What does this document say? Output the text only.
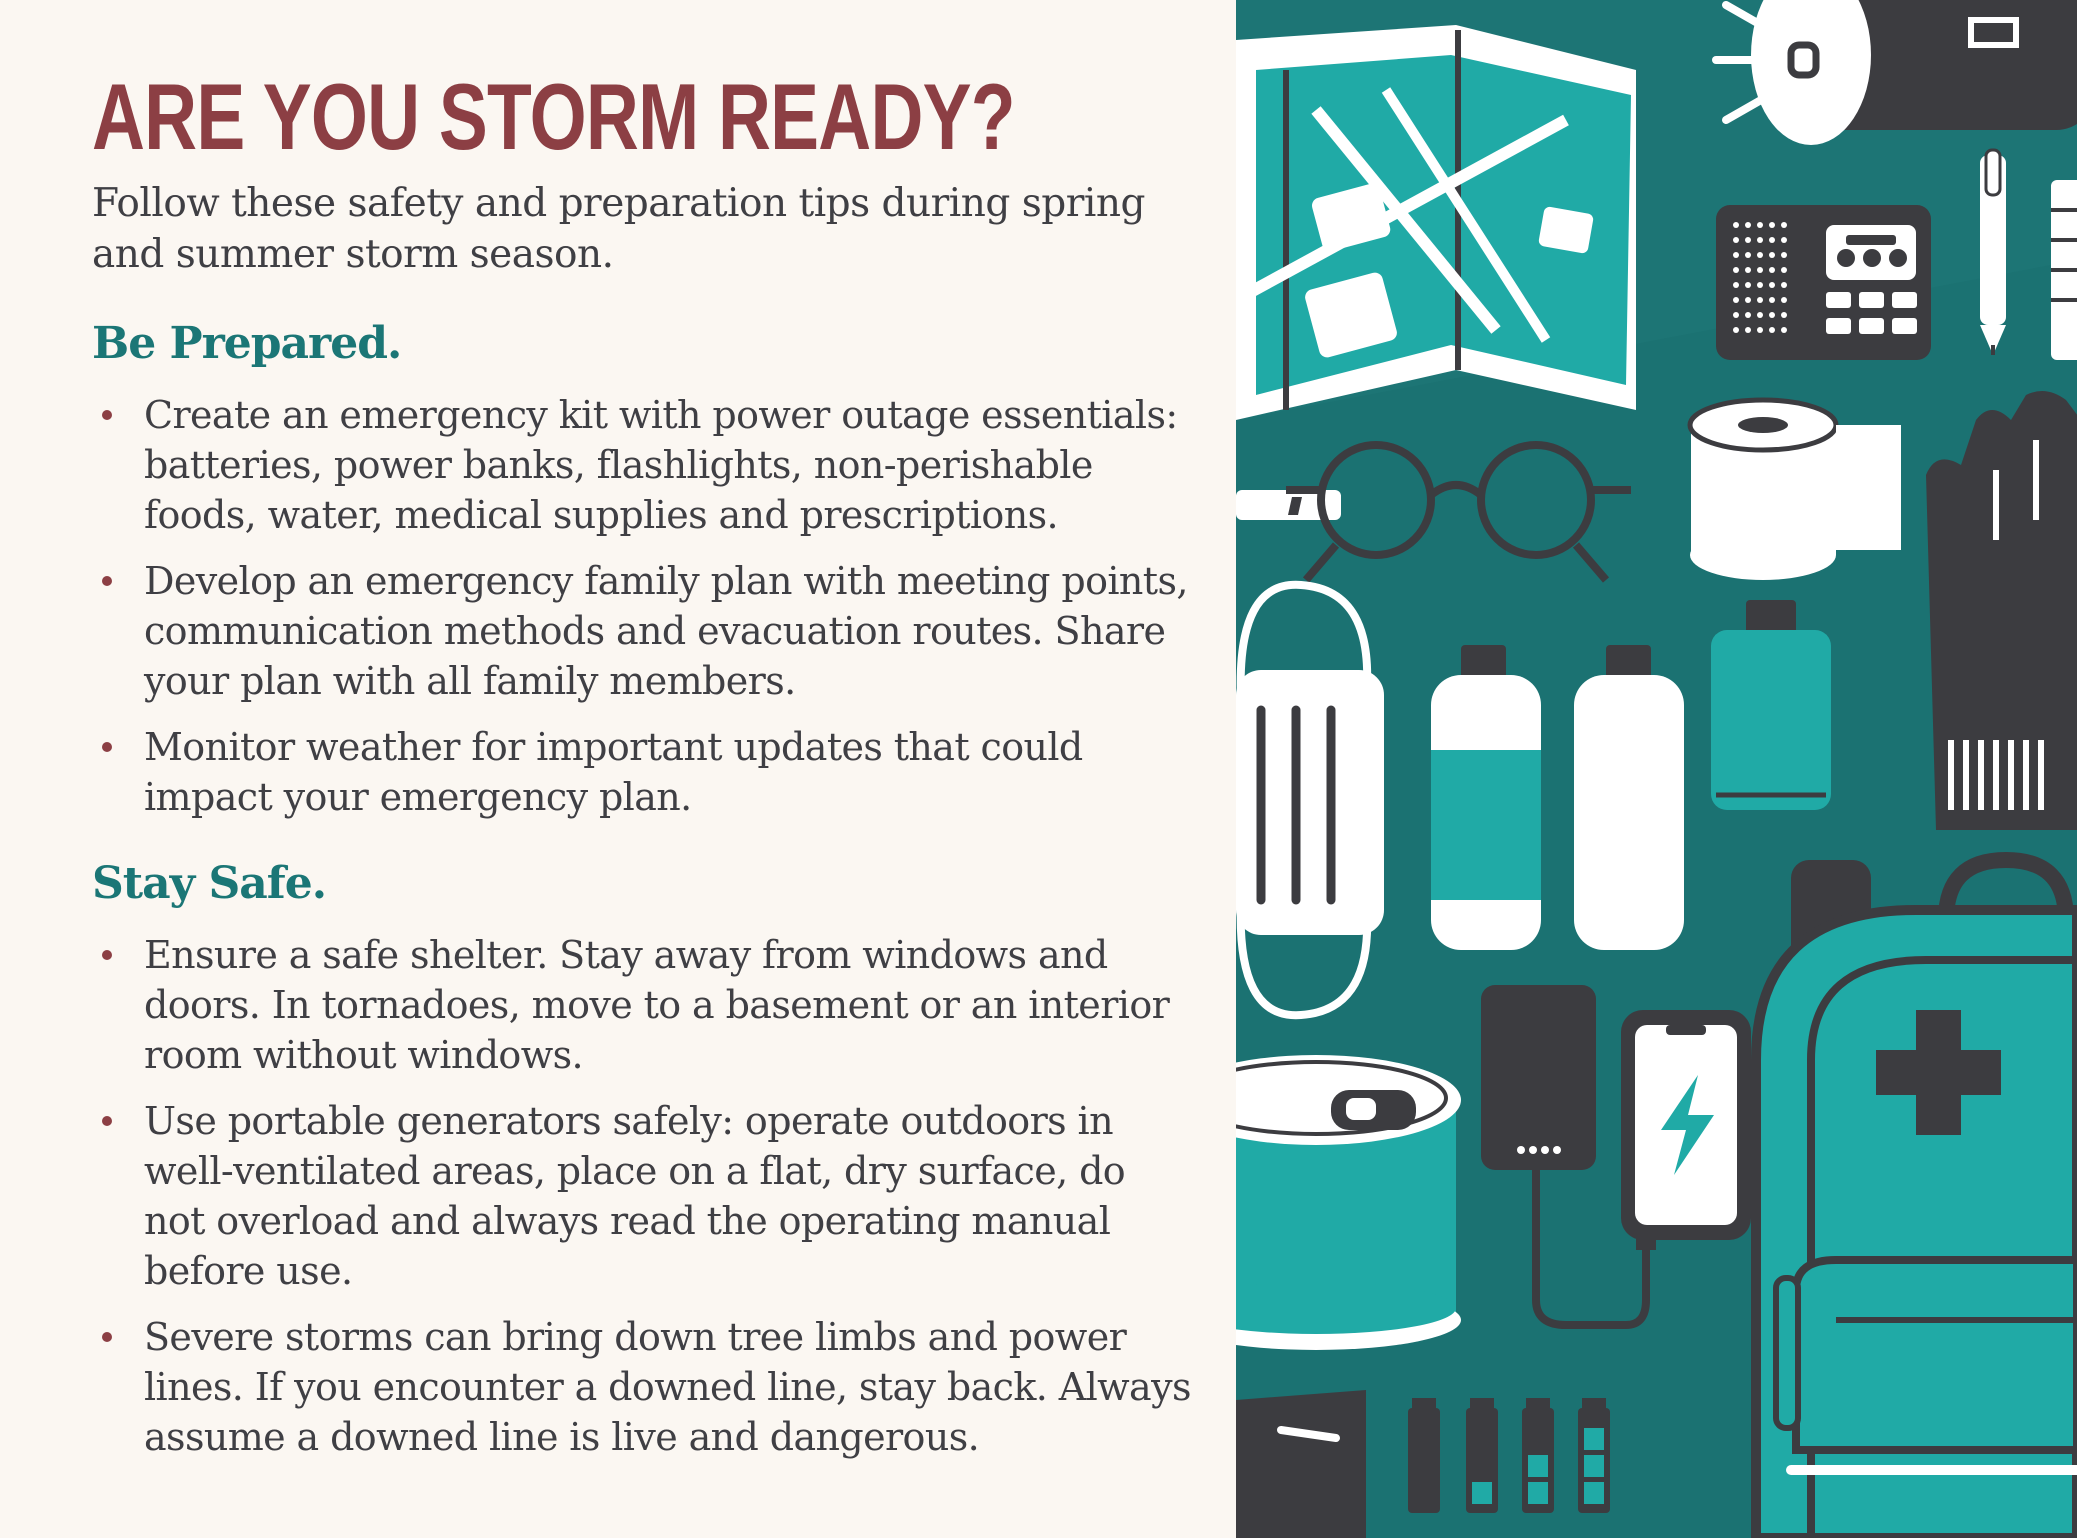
ARE YOU STORM READY?

Follow these safety and preparation tips during spring and summer storm season.

Be Prepared.
Create an emergency kit with power outage essentials: batteries, power banks, flashlights, non-perishable foods, water, medical supplies and prescriptions.
Develop an emergency family plan with meeting points, communication methods and evacuation routes. Share your plan with all family members.
Monitor weather for important updates that could impact your emergency plan.
Stay Safe.
Ensure a safe shelter. Stay away from windows and doors. In tornadoes, move to a basement or an interior room without windows.
Use portable generators safely: operate outdoors in well-ventilated areas, place on a flat, dry surface, do not overload and always read the operating manual before use.
Severe storms can bring down tree limbs and power lines. If you encounter a downed line, stay back. Always assume a downed line is live and dangerous.
